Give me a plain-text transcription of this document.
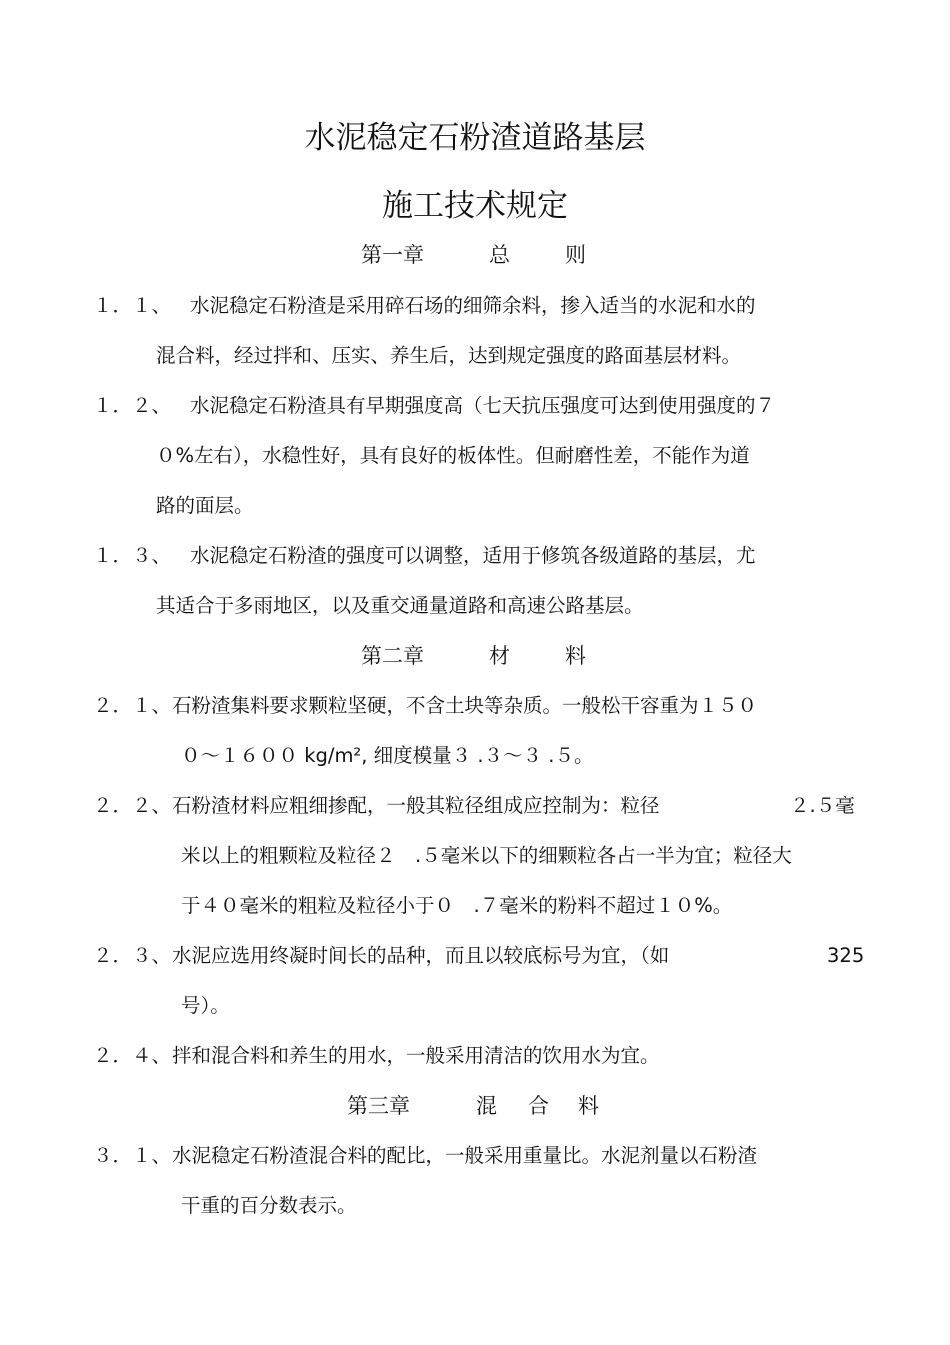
水泥稳定石粉渣道路基层
施工技术规定
第一章	总	则
１．１、 水泥稳定石粉渣是采用碎石场的细筛余料，掺入适当的水泥和水的
混合料，经过拌和、压实、养生后，达到规定强度的路面基层材料。
１．２、 水泥稳定石粉渣具有早期强度高（七天抗压强度可达到使用强度的７
０%左右），水稳性好，具有良好的板体性。但耐磨性差，不能作为道
路的面层。
１．３、 水泥稳定石粉渣的强度可以调整，适用于修筑各级道路的基层，尤
其适合于多雨地区，以及重交通量道路和高速公路基层。
第二章	材	料
２．１、 石粉渣集料要求颗粒坚硬，不含土块等杂质。一般松干容重为１５０
０～１６００ kg/m², 细度模量３ .３～３ .５。
２．２、 石粉渣材料应粗细掺配，一般其粒径组成应控制为：粒径	２.５毫
米以上的粗颗粒及粒径２　.５毫米以下的细颗粒各占一半为宜；粒径大
于４０毫米的粗粒及粒径小于０　.７毫米的粉料不超过１０%。
２．３、 水泥应选用终凝时间长的品种，而且以较底标号为宜，（如	325
号）。
２．４、 拌和混合料和养生的用水，一般采用清洁的饮用水为宜。
第三章	混 合 料
３．１、 水泥稳定石粉渣混合料的配比，一般采用重量比。水泥剂量以石粉渣
干重的百分数表示。
